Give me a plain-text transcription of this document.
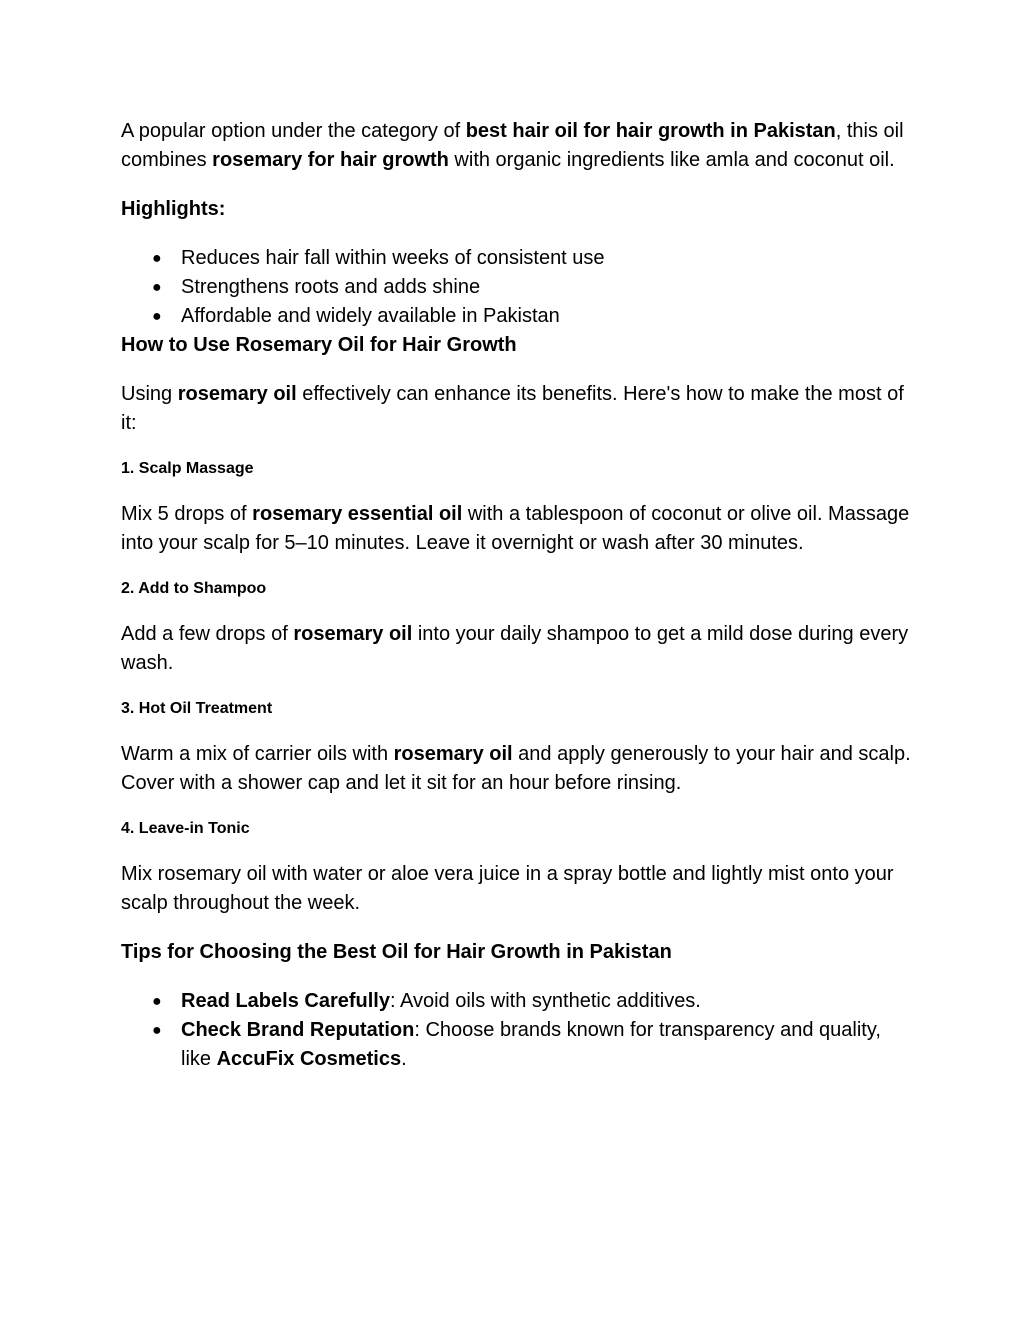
A popular option under the category of best hair oil for hair growth in Pakistan, this oil combines rosemary for hair growth with organic ingredients like amla and coconut oil.

Highlights:
● Reduces hair fall within weeks of consistent use
● Strengthens roots and adds shine
● Affordable and widely available in Pakistan
How to Use Rosemary Oil for Hair Growth

Using rosemary oil effectively can enhance its benefits. Here's how to make the most of it:

1. Scalp Massage

Mix 5 drops of rosemary essential oil with a tablespoon of coconut or olive oil. Massage into your scalp for 5–10 minutes. Leave it overnight or wash after 30 minutes.

2. Add to Shampoo

Add a few drops of rosemary oil into your daily shampoo to get a mild dose during every wash.

3. Hot Oil Treatment

Warm a mix of carrier oils with rosemary oil and apply generously to your hair and scalp. Cover with a shower cap and let it sit for an hour before rinsing.

4. Leave-in Tonic

Mix rosemary oil with water or aloe vera juice in a spray bottle and lightly mist onto your scalp throughout the week.

Tips for Choosing the Best Oil for Hair Growth in Pakistan
● Read Labels Carefully: Avoid oils with synthetic additives.
● Check Brand Reputation: Choose brands known for transparency and quality, like AccuFix Cosmetics.
